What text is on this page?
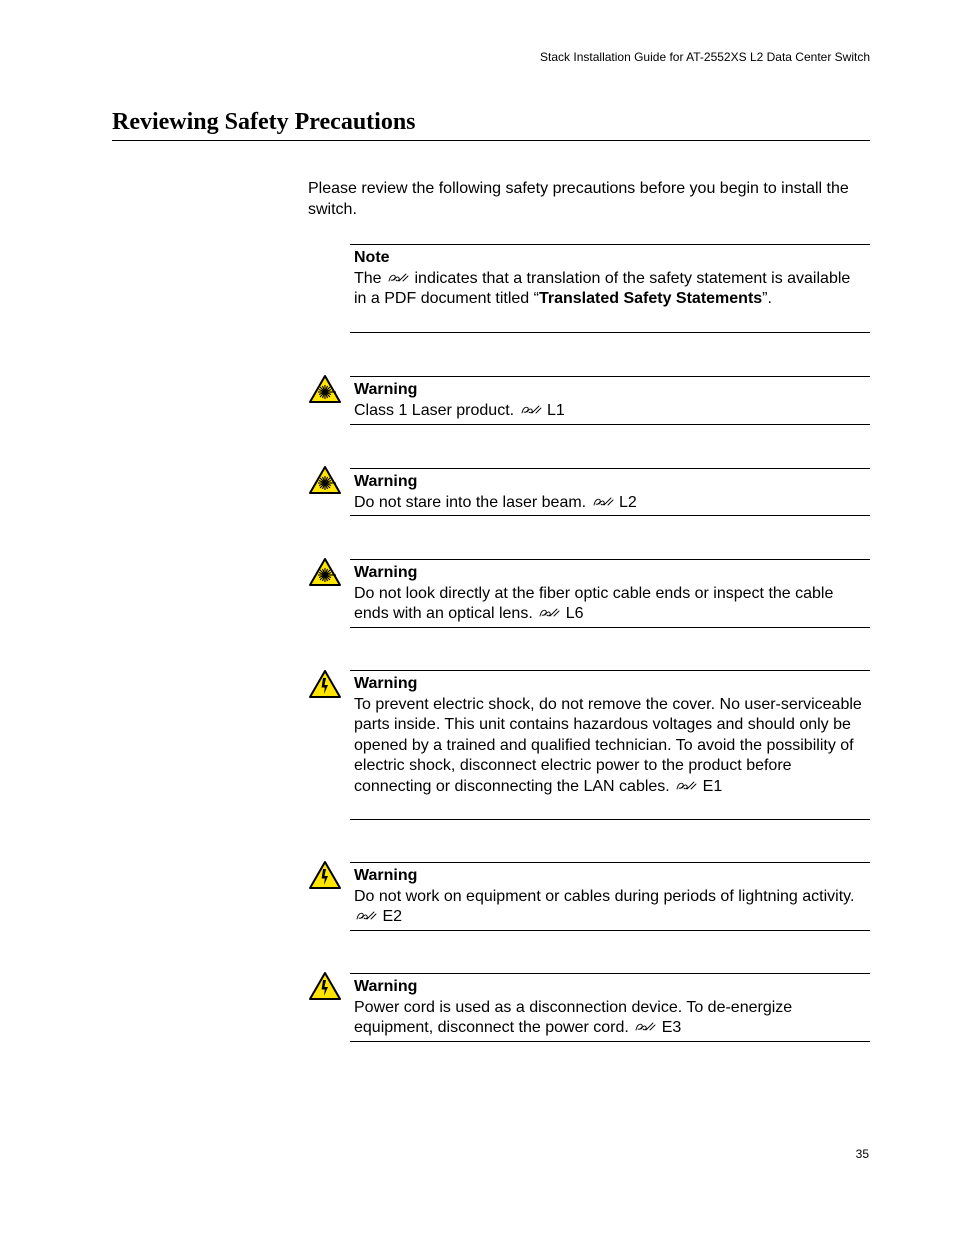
Stack Installation Guide for AT-2552XS L2 Data Center Switch
Reviewing Safety Precautions

Please review the following safety precautions before you begin to install the switch.

Note
The  indicates that a translation of the safety statement is available in a PDF document titled “Translated Safety Statements”.
Warning
Class 1 Laser product. L1
Warning
Do not stare into the laser beam. L2
Warning
Do not look directly at the fiber optic cable ends or inspect the cable ends with an optical lens. L6
Warning
To prevent electric shock, do not remove the cover. No user-serviceable parts inside. This unit contains hazardous voltages and should only be opened by a trained and qualified technician. To avoid the possibility of electric shock, disconnect electric power to the product before connecting or disconnecting the LAN cables. E1
Warning
Do not work on equipment or cables during periods of lightning activity.  E2
Warning
Power cord is used as a disconnection device. To de-energize equipment, disconnect the power cord. E3
35
